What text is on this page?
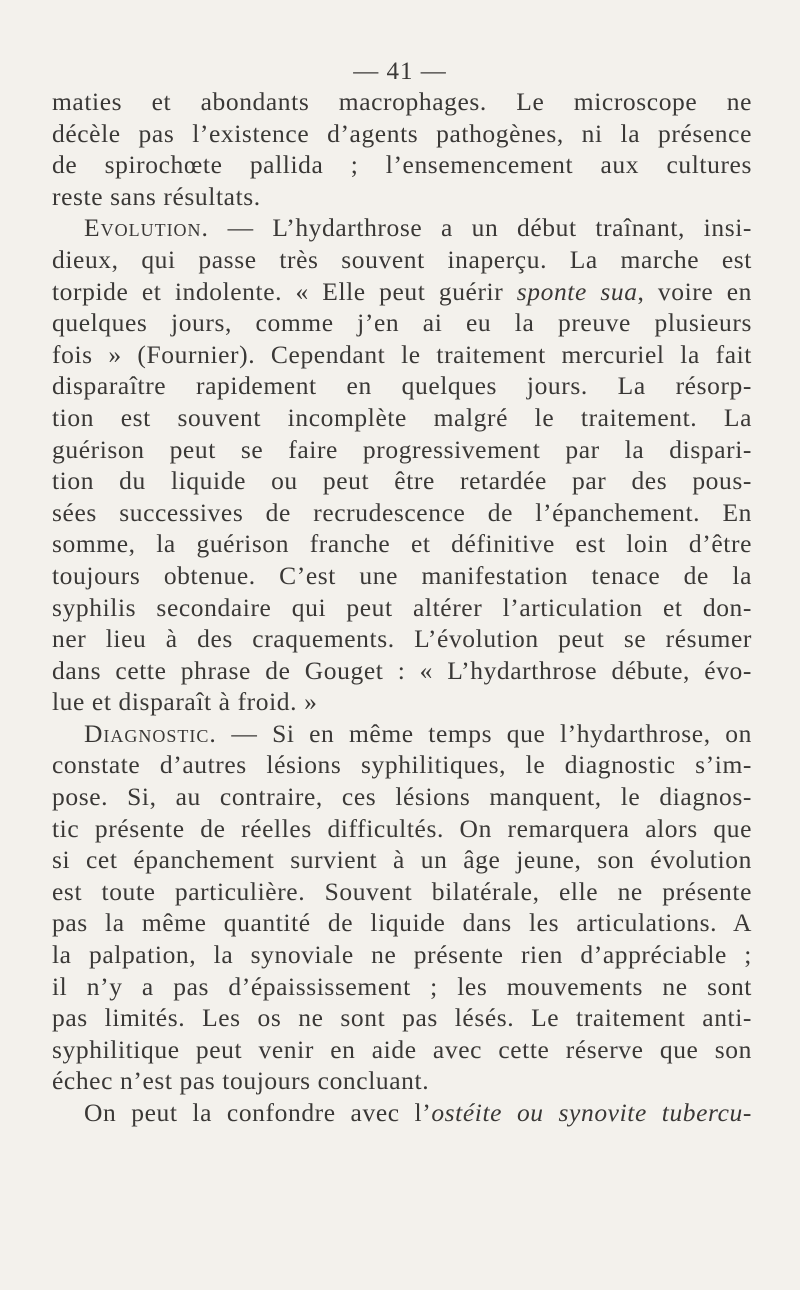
— 41 —
maties et abondants macrophages. Le microscope ne
décèle pas l’existence d’agents pathogènes, ni la présence
de spirochœte pallida ; l’ensemencement aux cultures
reste sans résultats.
Evolution. — L’hydarthrose a un début traînant, insi-
dieux, qui passe très souvent inaperçu. La marche est
torpide et indolente. « Elle peut guérir sponte sua, voire en
quelques jours, comme j’en ai eu la preuve plusieurs
fois » (Fournier). Cependant le traitement mercuriel la fait
disparaître rapidement en quelques jours. La résorp-
tion est souvent incomplète malgré le traitement. La
guérison peut se faire progressivement par la dispari-
tion du liquide ou peut être retardée par des pous-
sées successives de recrudescence de l’épanchement. En
somme, la guérison franche et définitive est loin d’être
toujours obtenue. C’est une manifestation tenace de la
syphilis secondaire qui peut altérer l’articulation et don-
ner lieu à des craquements. L’évolution peut se résumer
dans cette phrase de Gouget : « L’hydarthrose débute, évo-
lue et disparaît à froid. »
Diagnostic. — Si en même temps que l’hydarthrose, on
constate d’autres lésions syphilitiques, le diagnostic s’im-
pose. Si, au contraire, ces lésions manquent, le diagnos-
tic présente de réelles difficultés. On remarquera alors que
si cet épanchement survient à un âge jeune, son évolution
est toute particulière. Souvent bilatérale, elle ne présente
pas la même quantité de liquide dans les articulations. A
la palpation, la synoviale ne présente rien d’appréciable ;
il n’y a pas d’épaississement ; les mouvements ne sont
pas limités. Les os ne sont pas lésés. Le traitement anti-
syphilitique peut venir en aide avec cette réserve que son
échec n’est pas toujours concluant.
On peut la confondre avec l’ostéite ou synovite tubercu-
